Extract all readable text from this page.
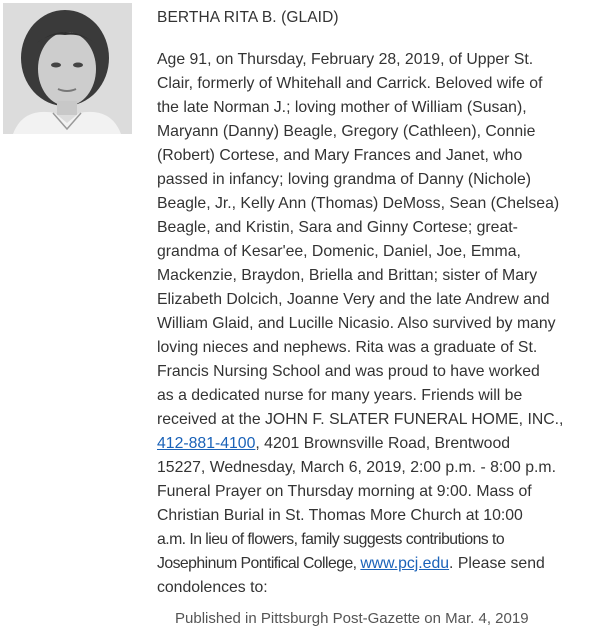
BERTHA RITA B. (GLAID)

Age 91, on Thursday, February 28, 2019, of Upper St.
Clair, formerly of Whitehall and Carrick. Beloved wife of
the late Norman J.; loving mother of William (Susan),
Maryann (Danny) Beagle, Gregory (Cathleen), Connie
(Robert) Cortese, and Mary Frances and Janet, who
passed in infancy; loving grandma of Danny (Nichole)
Beagle, Jr., Kelly Ann (Thomas) DeMoss, Sean (Chelsea)
Beagle, and Kristin, Sara and Ginny Cortese; great-
grandma of Kesar'ee, Domenic, Daniel, Joe, Emma,
Mackenzie, Braydon, Briella and Brittan; sister of Mary
Elizabeth Dolcich, Joanne Very and the late Andrew and
William Glaid, and Lucille Nicasio. Also survived by many
loving nieces and nephews. Rita was a graduate of St.
Francis Nursing School and was proud to have worked
as a dedicated nurse for many years. Friends will be
received at the JOHN F. SLATER FUNERAL HOME, INC.,
412-881-4100, 4201 Brownsville Road, Brentwood
15227, Wednesday, March 6, 2019, 2:00 p.m. - 8:00 p.m.
Funeral Prayer on Thursday morning at 9:00. Mass of
Christian Burial in St. Thomas More Church at 10:00
a.m. In lieu of flowers, family suggests contributions to
Josephinum Pontifical College, www.pcj.edu. Please send
condolences to:

Published in Pittsburgh Post-Gazette on Mar. 4, 2019
